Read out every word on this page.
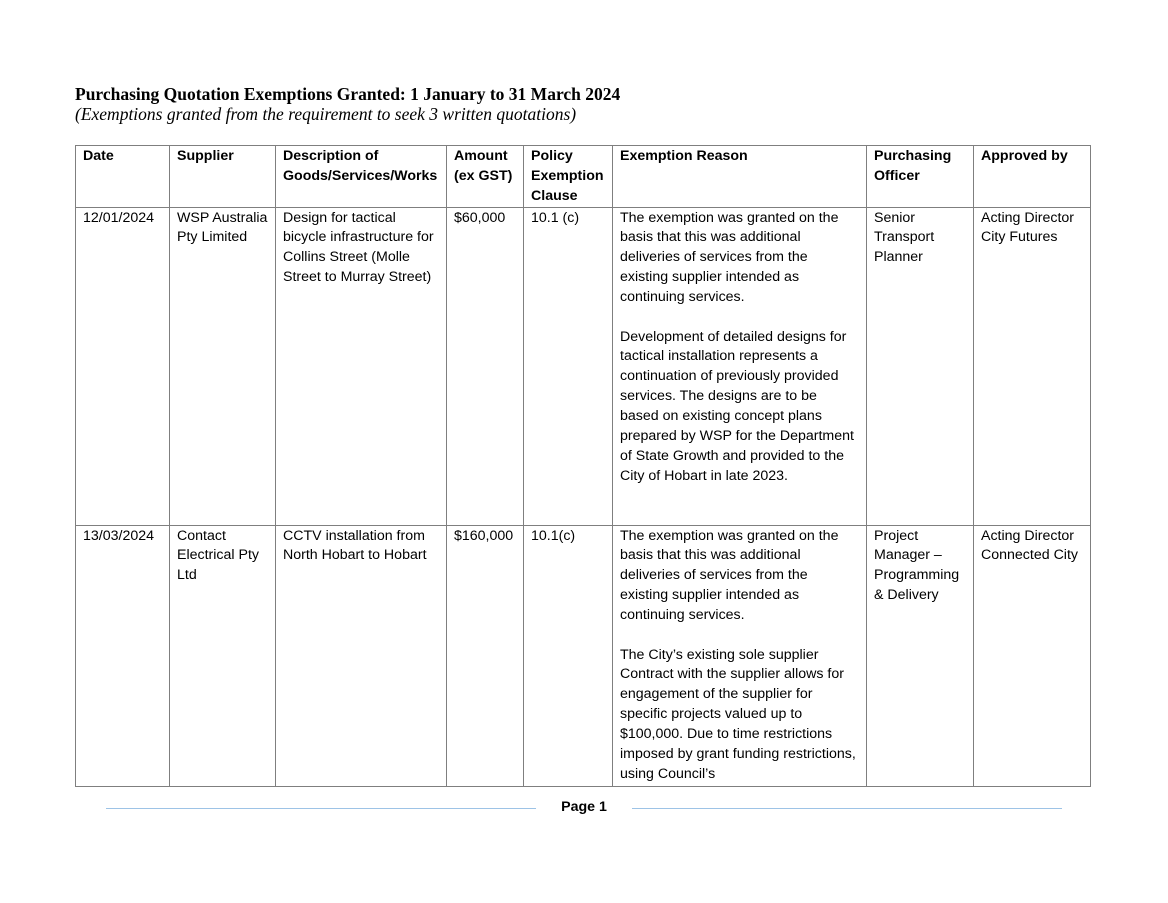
Purchasing Quotation Exemptions Granted: 1 January to 31 March 2024
(Exemptions granted from the requirement to seek 3 written quotations)
Date	Supplier	Description of Goods/Services/Works	Amount (ex GST)	Policy Exemption Clause	Exemption Reason	Purchasing Officer	Approved by
12/01/2024	WSP Australia Pty Limited	Design for tactical bicycle infrastructure for Collins Street (Molle Street to Murray Street)	$60,000	10.1 (c)	The exemption was granted on the basis that this was additional deliveries of services from the existing supplier intended as continuing services.
Development of detailed designs for tactical installation represents a continuation of previously provided services. The designs are to be based on existing concept plans prepared by WSP for the Department of State Growth and provided to the City of Hobart in late 2023.	Senior Transport Planner	Acting Director City Futures
13/03/2024	Contact Electrical Pty Ltd	CCTV installation from North Hobart to Hobart	$160,000	10.1(c)	The exemption was granted on the basis that this was additional deliveries of services from the existing supplier intended as continuing services.
The City’s existing sole supplier Contract with the supplier allows for engagement of the supplier for specific projects valued up to $100,000. Due to time restrictions imposed by grant funding restrictions, using Council’s	Project Manager – Programming & Delivery	Acting Director Connected City
Page 1
